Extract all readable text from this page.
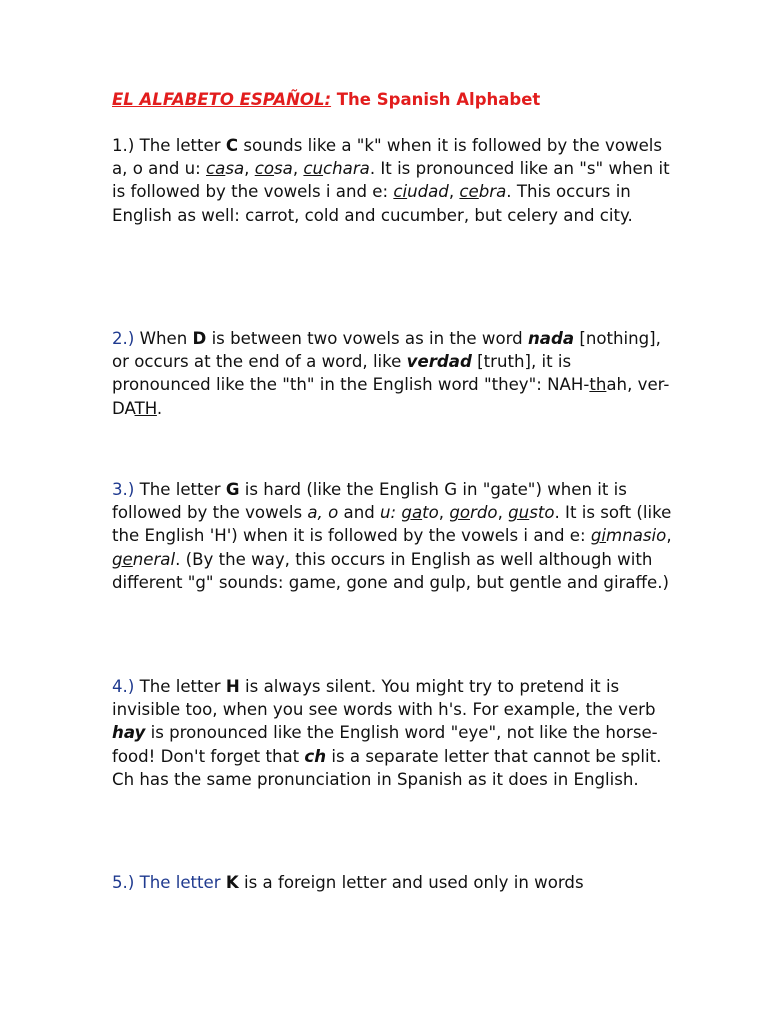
EL ALFABETO ESPAÑOL: The Spanish Alphabet
1.) The letter C sounds like a "k" when it is followed by the vowels a, o and u: casa, cosa, cuchara. It is pronounced like an "s" when it is followed by the vowels i and e: ciudad, cebra. This occurs in English as well: carrot, cold and cucumber, but celery and city.
2.) When D is between two vowels as in the word nada [nothing], or occurs at the end of a word, like verdad [truth], it is pronounced like the "th" in the English word "they": NAH-thah, ver-DATH.
3.) The letter G is hard (like the English G in "gate") when it is followed by the vowels a, o and u: gato, gordo, gusto. It is soft (like the English 'H') when it is followed by the vowels i and e: gimnasio, general. (By the way, this occurs in English as well although with different "g" sounds: game, gone and gulp, but gentle and giraffe.)
4.) The letter H is always silent. You might try to pretend it is invisible too, when you see words with h's. For example, the verb hay is pronounced like the English word "eye", not like the horse-food! Don't forget that ch is a separate letter that cannot be split. Ch has the same pronunciation in Spanish as it does in English.
5.) The letter K is a foreign letter and used only in words
